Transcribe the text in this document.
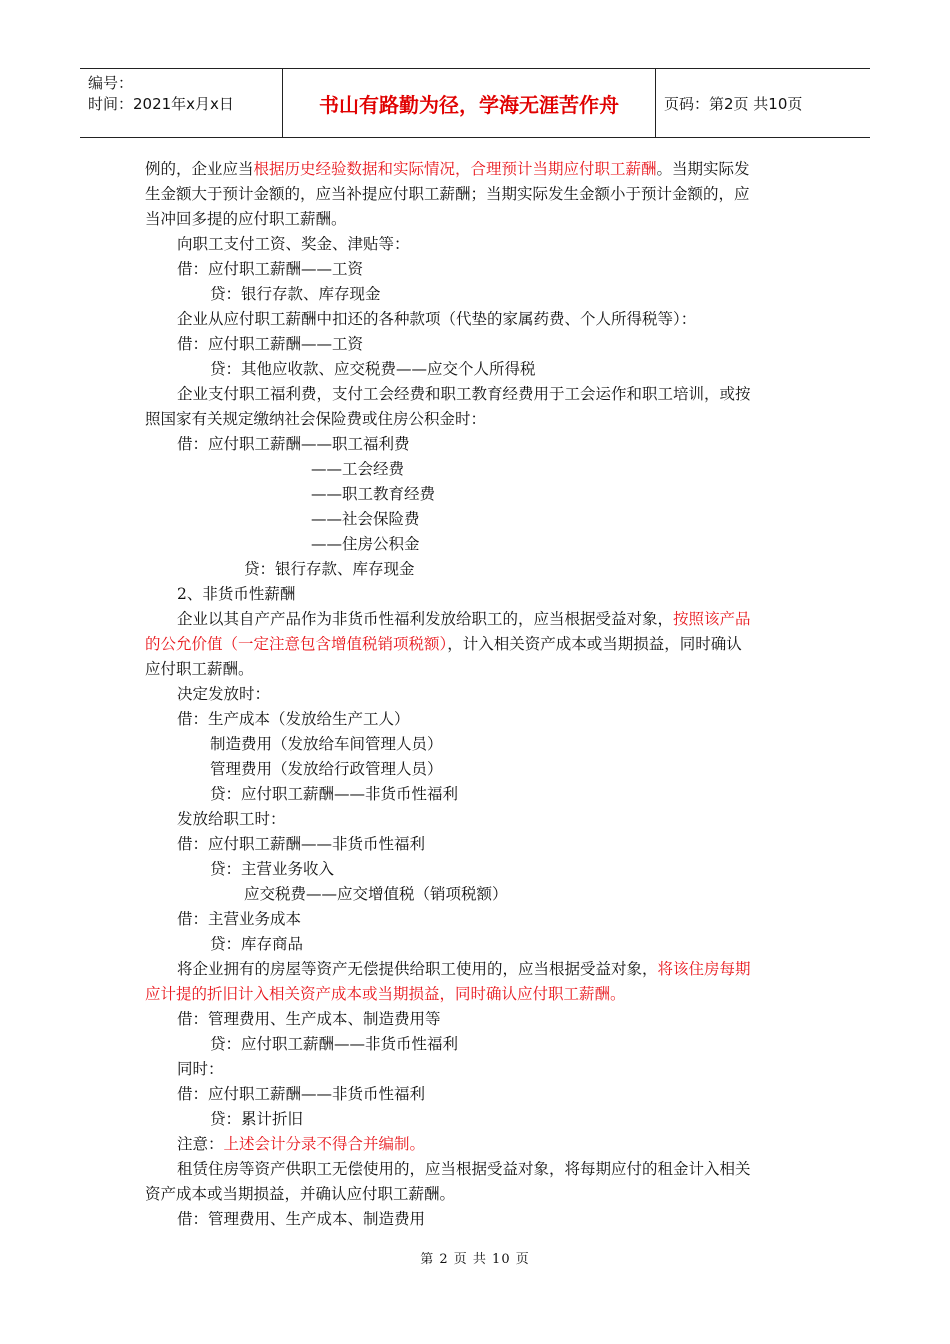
编号：
时间：2021年x月x日	书山有路勤为径，学海无涯苦作舟	页码：第2页 共10页
例的，企业应当根据历史经验数据和实际情况，合理预计当期应付职工薪酬。当期实际发
生金额大于预计金额的，应当补提应付职工薪酬；当期实际发生金额小于预计金额的，应
当冲回多提的应付职工薪酬。
向职工支付工资、奖金、津贴等：
借：应付职工薪酬——工资
贷：银行存款、库存现金
企业从应付职工薪酬中扣还的各种款项（代垫的家属药费、个人所得税等）：
借：应付职工薪酬——工资
贷：其他应收款、应交税费——应交个人所得税
企业支付职工福利费，支付工会经费和职工教育经费用于工会运作和职工培训，或按
照国家有关规定缴纳社会保险费或住房公积金时：
借：应付职工薪酬——职工福利费
——工会经费
——职工教育经费
——社会保险费
——住房公积金
贷：银行存款、库存现金
2、非货币性薪酬
企业以其自产产品作为非货币性福利发放给职工的，应当根据受益对象，按照该产品
的公允价值（一定注意包含增值税销项税额），计入相关资产成本或当期损益，同时确认
应付职工薪酬。
决定发放时：
借：生产成本（发放给生产工人）
制造费用（发放给车间管理人员）
管理费用（发放给行政管理人员）
贷：应付职工薪酬——非货币性福利
发放给职工时：
借：应付职工薪酬——非货币性福利
贷：主营业务收入
应交税费——应交增值税（销项税额）
借：主营业务成本
贷：库存商品
将企业拥有的房屋等资产无偿提供给职工使用的，应当根据受益对象，将该住房每期
应计提的折旧计入相关资产成本或当期损益，同时确认应付职工薪酬。
借：管理费用、生产成本、制造费用等
贷：应付职工薪酬——非货币性福利
同时：
借：应付职工薪酬——非货币性福利
贷：累计折旧
注意：上述会计分录不得合并编制。
租赁住房等资产供职工无偿使用的，应当根据受益对象，将每期应付的租金计入相关
资产成本或当期损益，并确认应付职工薪酬。
借：管理费用、生产成本、制造费用
第 2 页 共 10 页
